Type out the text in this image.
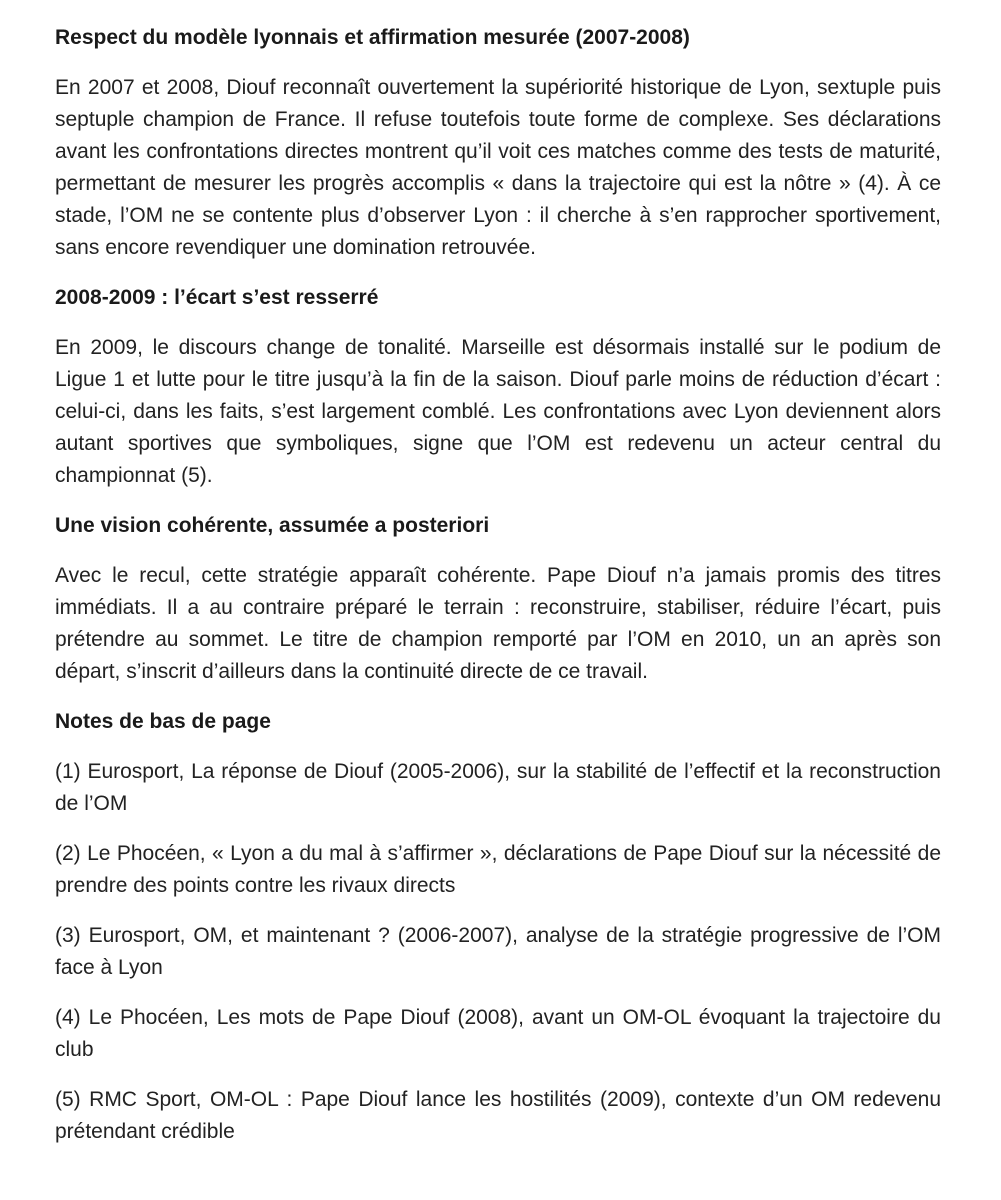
Respect du modèle lyonnais et affirmation mesurée (2007-2008)

En 2007 et 2008, Diouf reconnaît ouvertement la supériorité historique de Lyon, sextuple puis septuple champion de France. Il refuse toutefois toute forme de complexe. Ses déclarations avant les confrontations directes montrent qu’il voit ces matches comme des tests de maturité, permettant de mesurer les progrès accomplis « dans la trajectoire qui est la nôtre » (4). À ce stade, l’OM ne se contente plus d’observer Lyon : il cherche à s’en rapprocher sportivement, sans encore revendiquer une domination retrouvée.

2008-2009 : l’écart s’est resserré

En 2009, le discours change de tonalité. Marseille est désormais installé sur le podium de Ligue 1 et lutte pour le titre jusqu’à la fin de la saison. Diouf parle moins de réduction d’écart : celui-ci, dans les faits, s’est largement comblé. Les confrontations avec Lyon deviennent alors autant sportives que symboliques, signe que l’OM est redevenu un acteur central du championnat (5).

Une vision cohérente, assumée a posteriori

Avec le recul, cette stratégie apparaît cohérente. Pape Diouf n’a jamais promis des titres immédiats. Il a au contraire préparé le terrain : reconstruire, stabiliser, réduire l’écart, puis prétendre au sommet. Le titre de champion remporté par l’OM en 2010, un an après son départ, s’inscrit d’ailleurs dans la continuité directe de ce travail.

Notes de bas de page

(1) Eurosport, La réponse de Diouf (2005-2006), sur la stabilité de l’effectif et la reconstruction de l’OM

(2) Le Phocéen, « Lyon a du mal à s’affirmer », déclarations de Pape Diouf sur la nécessité de prendre des points contre les rivaux directs

(3) Eurosport, OM, et maintenant ? (2006-2007), analyse de la stratégie progressive de l’OM face à Lyon

(4) Le Phocéen, Les mots de Pape Diouf (2008), avant un OM-OL évoquant la trajectoire du club

(5) RMC Sport, OM-OL : Pape Diouf lance les hostilités (2009), contexte d’un OM redevenu prétendant crédible
